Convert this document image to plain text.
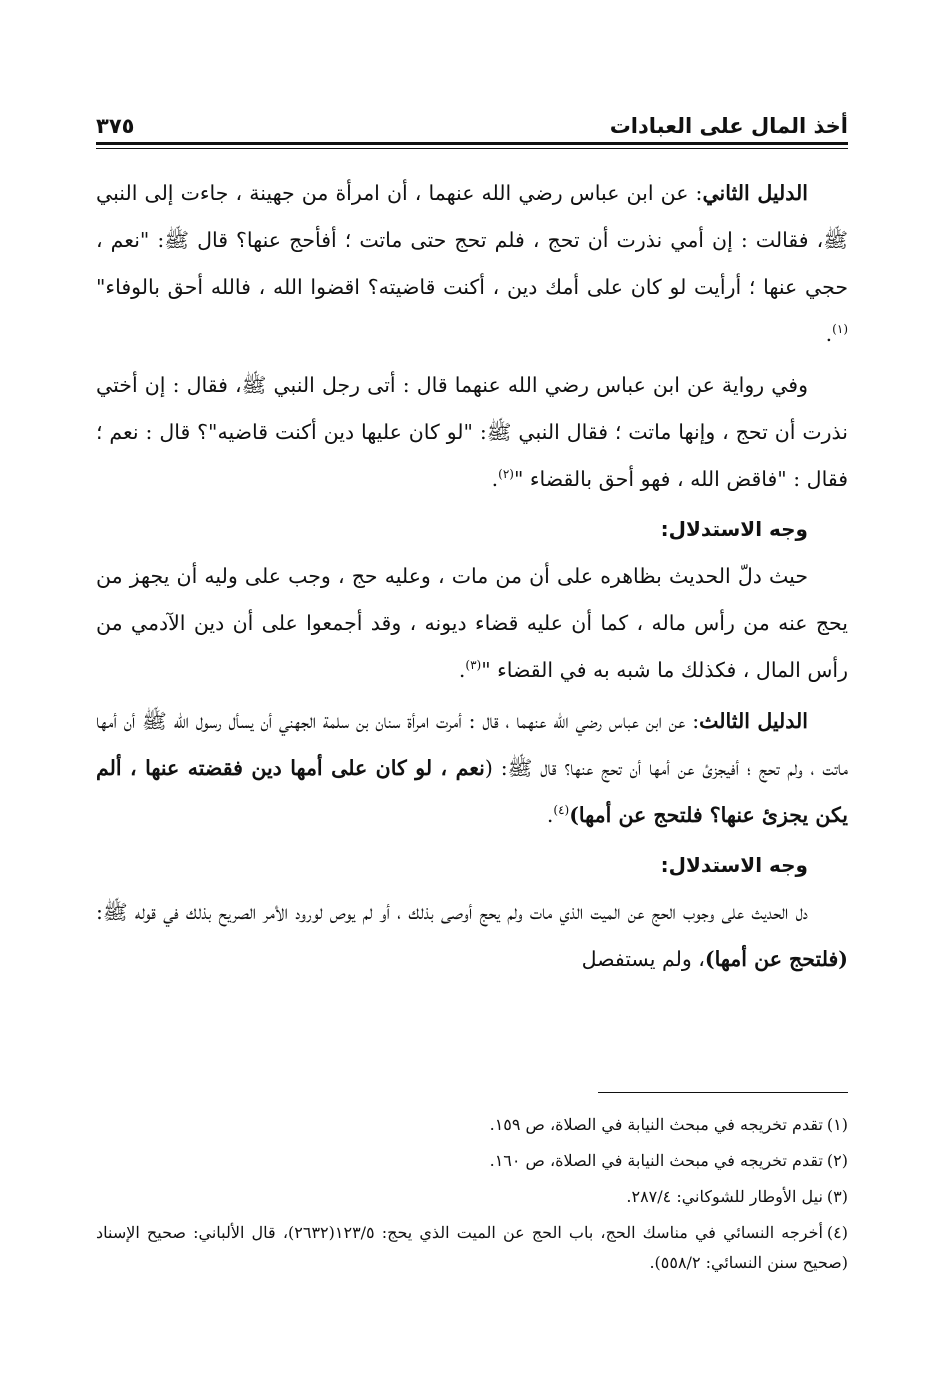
أخذ المال على العبادات
٣٧٥

الدليل الثاني: عن ابن عباس رضي الله عنهما ، أن امرأة من جهينة ، جاءت إلى النبي ﷺ، فقالت : إن أمي نذرت أن تحج ، فلم تحج حتى ماتت ؛ أفأحج عنها؟ قال ﷺ: "نعم ، حجي عنها ؛ أرأيت لو كان على أمك دين ، أكنت قاضيته؟ اقضوا الله ، فالله أحق بالوفاء"$^{(١)}$.

وفي رواية عن ابن عباس رضي الله عنهما قال : أتى رجل النبي ﷺ، فقال : إن أختي نذرت أن تحج ، وإنها ماتت ؛ فقال النبي ﷺ: "لو كان عليها دين أكنت قاضيه"؟ قال : نعم ؛ فقال : "فاقض الله ، فهو أحق بالقضاء "$^{(٢)}$.

وجه الاستدلال:

حيث دلّ الحديث بظاهره على أن من مات ، وعليه حج ، وجب على وليه أن يجهز من يحج عنه من رأس ماله ، كما أن عليه قضاء ديونه ، وقد أجمعوا على أن دين الآدمي من رأس المال ، فكذلك ما شبه به في القضاء "$^{(٣)}$.

الدليل الثالث: عن ابن عباس رضي الله عنهما ، قال : أمرت امرأة سنان بن سلمة الجهني أن يسأل رسول الله ﷺ أن أمها ماتت ، ولم تحج ؛ أفيجزئ عن أمها أن تحج عنها؟ قال ﷺ: (نعم ، لو كان على أمها دين فقضته عنها ، ألم يكن يجزئ عنها؟ فلتحج عن أمها)$^{(٤)}$.

وجه الاستدلال:

دل الحديث على وجوب الحج عن الميت الذي مات ولم يحج أوصى بذلك ، أو لم يوص لورود الأمر الصريح بذلك في قوله ﷺ: (فلتحج عن أمها)، ولم يستفصل

(١)تقدم تخريجه في مبحث النيابة في الصلاة، ص ١٥٩.
(٢)تقدم تخريجه في مبحث النيابة في الصلاة، ص ١٦٠.
(٣)نيل الأوطار للشوكاني: ٢٨٧/٤.
(٤)أخرجه النسائي في مناسك الحج، باب الحج عن الميت الذي يحج: ١٢٣/٥(٢٦٣٢)، قال الألباني: صحيح الإسناد (صحيح سنن النسائي: ٥٥٨/٢).
